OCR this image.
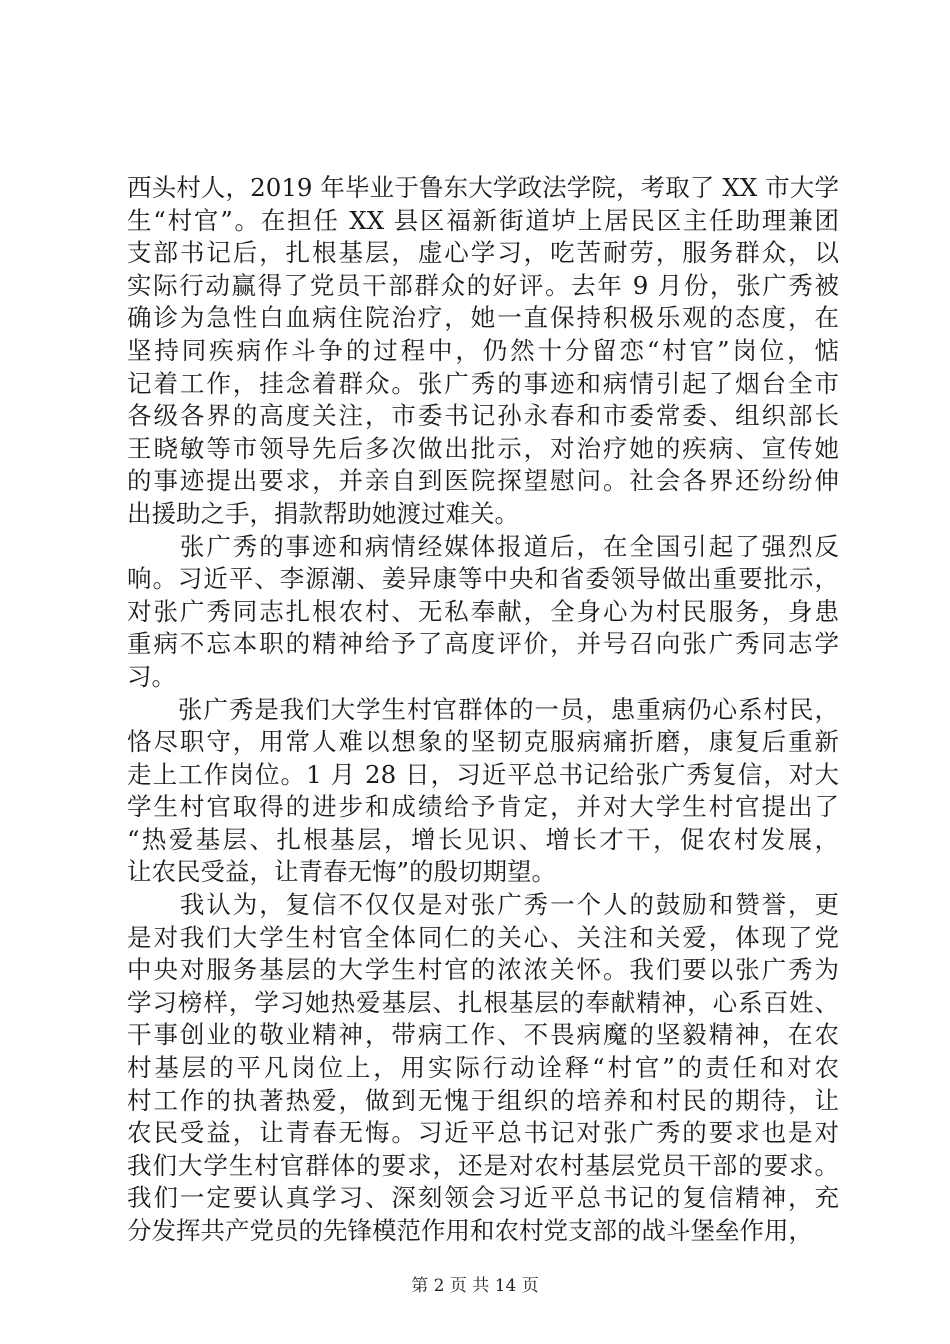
西头村人，2019 年毕业于鲁东大学政法学院，考取了 XX 市大学
生“村官”。在担任 XX 县区福新街道垆上居民区主任助理兼团
支部书记后，扎根基层，虚心学习，吃苦耐劳，服务群众，以
实际行动赢得了党员干部群众的好评。去年 9 月份，张广秀被
确诊为急性白血病住院治疗，她一直保持积极乐观的态度，在
坚持同疾病作斗争的过程中，仍然十分留恋“村官”岗位，惦
记着工作，挂念着群众。张广秀的事迹和病情引起了烟台全市
各级各界的高度关注，市委书记孙永春和市委常委、组织部长
王晓敏等市领导先后多次做出批示，对治疗她的疾病、宣传她
的事迹提出要求，并亲自到医院探望慰问。社会各界还纷纷伸
出援助之手，捐款帮助她渡过难关。
　　张广秀的事迹和病情经媒体报道后，在全国引起了强烈反
响。习近平、李源潮、姜异康等中央和省委领导做出重要批示，
对张广秀同志扎根农村、无私奉献，全身心为村民服务，身患
重病不忘本职的精神给予了高度评价，并号召向张广秀同志学
习。
　　张广秀是我们大学生村官群体的一员，患重病仍心系村民，
恪尽职守，用常人难以想象的坚韧克服病痛折磨，康复后重新
走上工作岗位。1 月 28 日，习近平总书记给张广秀复信，对大
学生村官取得的进步和成绩给予肯定，并对大学生村官提出了
“热爱基层、扎根基层，增长见识、增长才干，促农村发展，
让农民受益，让青春无悔”的殷切期望。
　　我认为，复信不仅仅是对张广秀一个人的鼓励和赞誉，更
是对我们大学生村官全体同仁的关心、关注和关爱，体现了党
中央对服务基层的大学生村官的浓浓关怀。我们要以张广秀为
学习榜样，学习她热爱基层、扎根基层的奉献精神，心系百姓、
干事创业的敬业精神，带病工作、不畏病魔的坚毅精神，在农
村基层的平凡岗位上，用实际行动诠释“村官”的责任和对农
村工作的执著热爱，做到无愧于组织的培养和村民的期待，让
农民受益，让青春无悔。习近平总书记对张广秀的要求也是对
我们大学生村官群体的要求，还是对农村基层党员干部的要求。
我们一定要认真学习、深刻领会习近平总书记的复信精神，充
分发挥共产党员的先锋模范作用和农村党支部的战斗堡垒作用，
第 2 页 共 14 页
